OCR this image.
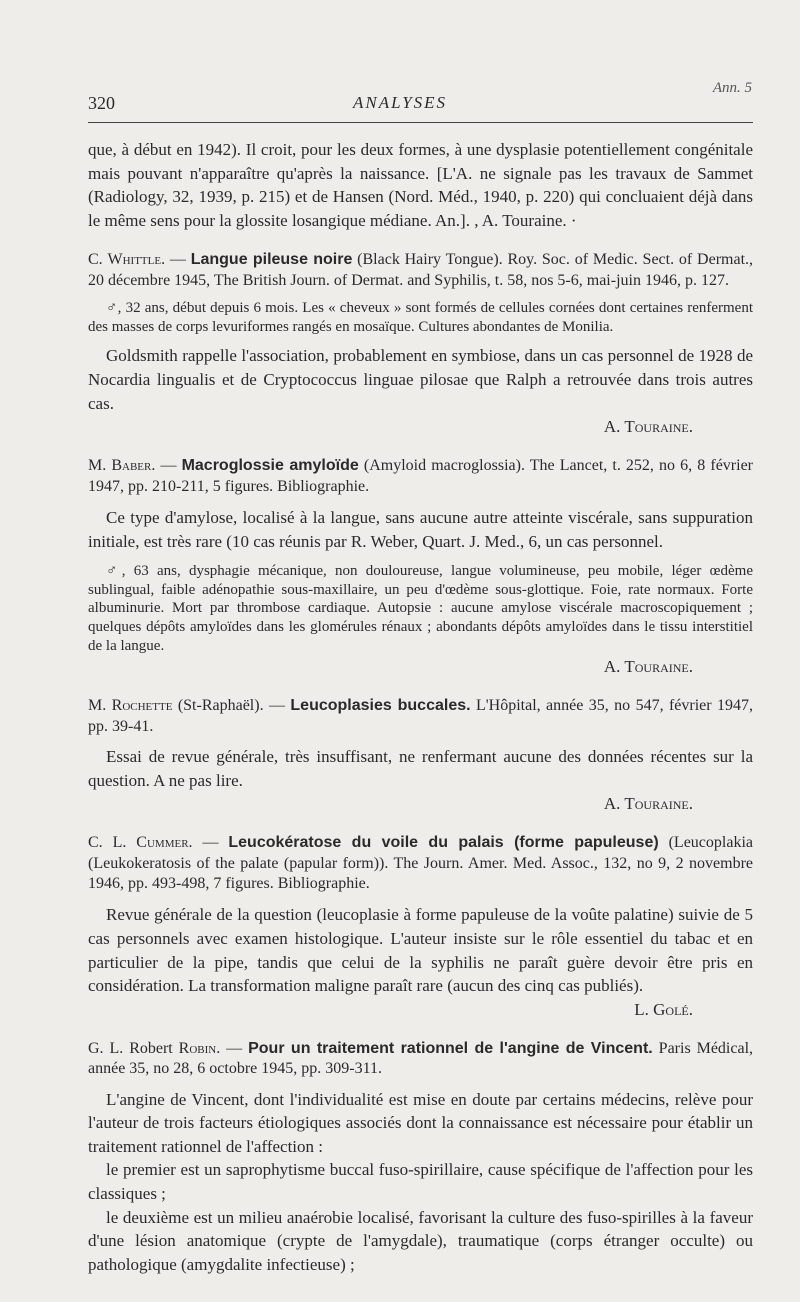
Ann. 5
320	ANALYSES

que, à début en 1942). Il croit, pour les deux formes, à une dysplasie potentiellement congénitale mais pouvant n'apparaître qu'après la naissance. [L'A. ne signale pas les travaux de Sammet (Radiology, 32, 1939, p. 215) et de Hansen (Nord. Méd., 1940, p. 220) qui concluaient déjà dans le même sens pour la glossite losangique médiane. An.]. , A. Touraine. ·

C. Whittle. — Langue pileuse noire (Black Hairy Tongue). Roy. Soc. of Medic. Sect. of Dermat., 20 décembre 1945, The British Journ. of Dermat. and Syphilis, t. 58, nos 5-6, mai-juin 1946, p. 127.

♂, 32 ans, début depuis 6 mois. Les « cheveux » sont formés de cellules cornées dont certaines renferment des masses de corps levuriformes rangés en mosaïque. Cultures abondantes de Monilia.

Goldsmith rappelle l'association, probablement en symbiose, dans un cas personnel de 1928 de Nocardia lingualis et de Cryptococcus linguae pilosae que Ralph a retrouvée dans trois autres cas.

A. Touraine.

M. Baber. — Macroglossie amyloïde (Amyloid macroglossia). The Lancet, t. 252, no 6, 8 février 1947, pp. 210-211, 5 figures. Bibliographie.

Ce type d'amylose, localisé à la langue, sans aucune autre atteinte viscérale, sans suppuration initiale, est très rare (10 cas réunis par R. Weber, Quart. J. Med., 6, un cas personnel.

♂, 63 ans, dysphagie mécanique, non douloureuse, langue volumineuse, peu mobile, léger œdème sublingual, faible adénopathie sous-maxillaire, un peu d'œdème sous-glottique. Foie, rate normaux. Forte albuminurie. Mort par thrombose cardiaque. Autopsie : aucune amylose viscérale macroscopiquement ; quelques dépôts amyloïdes dans les glomérules rénaux ; abondants dépôts amyloïdes dans le tissu interstitiel de la langue.

A. Touraine.

M. Rochette (St-Raphaël). — Leucoplasies buccales. L'Hôpital, année 35, no 547, février 1947, pp. 39-41.

Essai de revue générale, très insuffisant, ne renfermant aucune des données récentes sur la question. A ne pas lire.

A. Touraine.

C. L. Cummer. — Leucokératose du voile du palais (forme papuleuse) (Leucoplakia (Leukokeratosis of the palate (papular form)). The Journ. Amer. Med. Assoc., 132, no 9, 2 novembre 1946, pp. 493-498, 7 figures. Bibliographie.

Revue générale de la question (leucoplasie à forme papuleuse de la voûte palatine) suivie de 5 cas personnels avec examen histologique. L'auteur insiste sur le rôle essentiel du tabac et en particulier de la pipe, tandis que celui de la syphilis ne paraît guère devoir être pris en considération. La transformation maligne paraît rare (aucun des cinq cas publiés).

L. Golé.

G. L. Robert Robin. — Pour un traitement rationnel de l'angine de Vincent. Paris Médical, année 35, no 28, 6 octobre 1945, pp. 309-311.

L'angine de Vincent, dont l'individualité est mise en doute par certains médecins, relève pour l'auteur de trois facteurs étiologiques associés dont la connaissance est nécessaire pour établir un traitement rationnel de l'affection :

le premier est un saprophytisme buccal fuso-spirillaire, cause spécifique de l'affection pour les classiques ;

le deuxième est un milieu anaérobie localisé, favorisant la culture des fuso-spirilles à la faveur d'une lésion anatomique (crypte de l'amygdale), traumatique (corps étranger occulte) ou pathologique (amygdalite infectieuse) ;
